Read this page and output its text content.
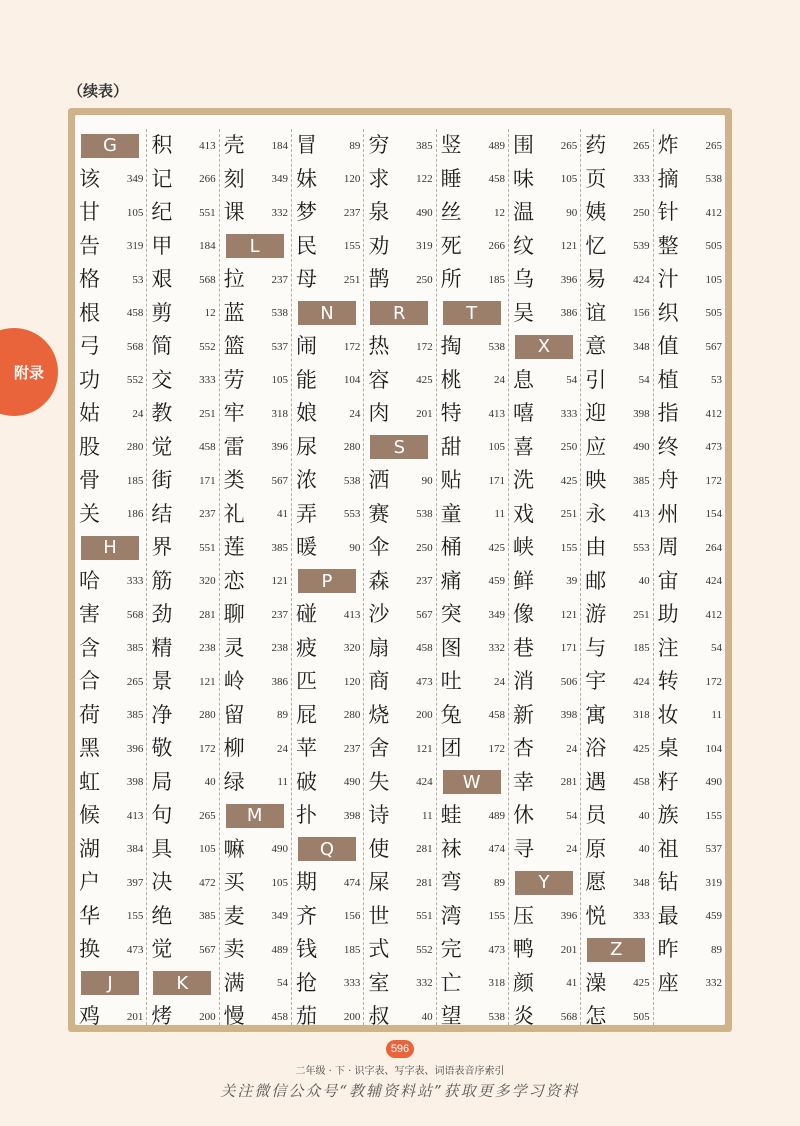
（续表）
G
该 349
甘 105
告 319
格	53
根 458
弓 568
功 552
姑	24
股 280
骨 185
关 186
H
哈 333
害 568
含 385
合 265
荷 385
黑 396
虹 398
候 413
湖 384
户 397
华 155
换 473
J
鸡 201
积 413
记 266
纪 551
甲 184
艰 568
剪	12
简 552
交 333
教 251
觉 458
街 171
结 237
界 551
筋 320
劲 281
精 238
景 121
净 280
敬 172
局	40
句 265
具 105
决 472
绝 385
觉 567
K
烤 200
壳 184
刻 349
课 332
L
拉 237
蓝 538
篮 537
劳 105
牢 318
雷 396
类 567
礼	41
莲 385
恋 121
聊 237
灵 238
岭 386
留	89
柳	24
绿	11
M
嘛 490
买 105
麦 349
卖 489
满	54
慢 458
冒	89
妹 120
梦 237
民 155
母 251
N
闹 172
能 104
娘	24
尿 280
浓 538
弄 553
暖	90
P
碰 413
疲 320
匹 120
屁 280
苹 237
破 490
扑 398
Q
期 474
齐 156
钱 185
抢 333
茄 200
穷 385
求 122
泉 490
劝 319
鹊 250
R
热 172
容 425
肉 201
S
洒	90
赛 538
伞 250
森 237
沙 567
扇 458
商 473
烧 200
舍 121
失 424
诗	11
使 281
屎 281
世 551
式 552
室 332
叔	40
竖 489
睡 458
丝	12
死 266
所 185
T
掏 538
桃	24
特 413
甜 105
贴 171
童	11
桶 425
痛 459
突 349
图 332
吐	24
兔 458
团 172
W
蛙 489
袜 474
弯	89
湾 155
完 473
亡 318
望 538
围 265
味 105
温	90
纹 121
乌 396
吴 386
X
息	54
嘻 333
喜 250
洗 425
戏 251
峡 155
鲜	39
像 121
巷 171
消 506
新 398
杏	24
幸 281
休	54
寻	24
Y
压 396
鸭 201
颜	41
炎 568
药 265
页 333
姨 250
忆 539
易 424
谊 156
意 348
引	54
迎 398
应 490
映 385
永 413
由 553
邮	40
游 251
与 185
宇 424
寓 318
浴 425
遇 458
员	40
原	40
愿 348
悦 333
Z
澡 425
怎 505
炸 265
摘 538
针 412
整 505
汁 105
织 505
值 567
植	53
指 412
终 473
舟 172
州 154
周 264
宙 424
助 412
注	54
转 172
妆	11
桌 104
籽 490
族 155
祖 537
钻 319
最 459
昨	89
座 332
附录
596
二年级 · 下 · 识字表、写字表、词语表音序索引
关注微信公众号“教辅资料站”获取更多学习资料
